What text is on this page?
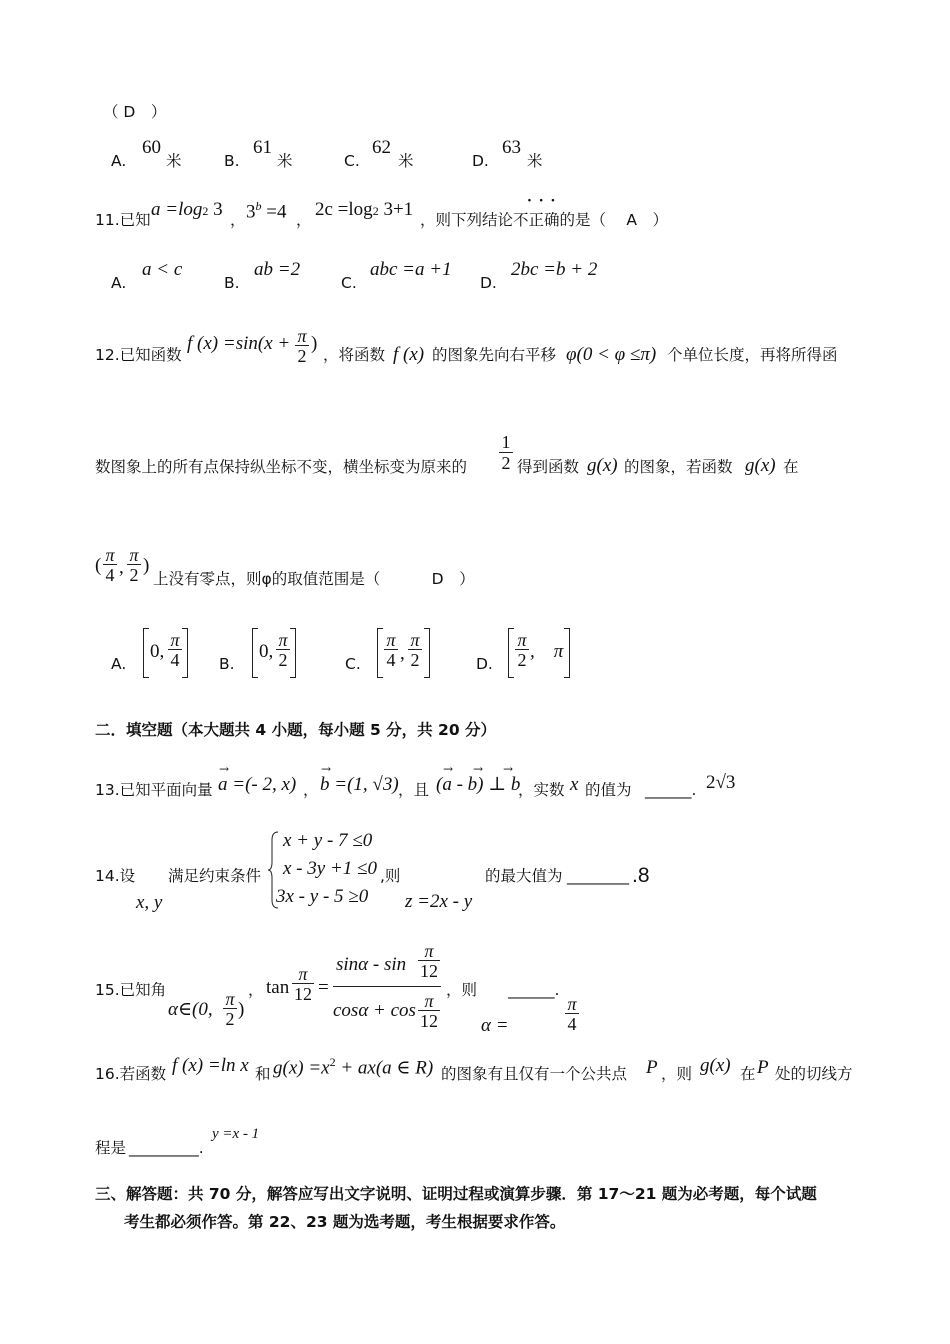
（ D　）
A.
60
米	B.
61
米	C.
62
米	D.
63
米
11.已知 a =log2 3 ， $3^b =4$ ， 2c =log2 3+1 ，则下列结论不正确的是（　 A　）
· · ·
A.
a < c
B.
ab =2
C.
abc =a +1
D.
2bc =b + 2
12.已知函数
f $(x) =\sin(x + \frac{\pi}{2}$ )
，将函数 f (x) 的图象先向右平移 φ(0 < φ ≤π) 个单位长度，再将所得函
数图象上的所有点保持纵坐标不变，横坐标变为原来的 $\frac{1}{2}$ 得到函数 g(x) 的图象，若函数 g(x) 在
( $\frac{\pi}{4}$ , $\frac{\pi}{2}$ )
上没有零点，则φ的取值范围是（　　　 D　）
A.
0, $\frac{\pi}{4} B$.
0, $\frac{\pi}{2}$	C. $\frac{\pi}{4}$ , $\frac{\pi}{2}$	D. $\frac{\pi}{2}$ ,　π
二．填空题（本大题共 4 小题，每小题 5 分，共 20 分）
13.已知平面向量
→
a =(- 2, x) ，
→
b =(1, √3) ，且
→ → →
(a - b) ⊥ b
，实数 x 的值为 ______. 2√3
14.设
x, y
满足约束条件
x + y - 7 ≤0
x - 3y +1 ≤0
3x - y - 5 ≥0
,则
z =2x - y
的最大值为 ________ .8
15.已知角
α∈(0, $\frac{\pi}{2}$ )
， $\tan \frac{\pi}{12}$ =
sinα - $\sin \frac{\pi}{12}$
$\cos\alpha + \cos \frac{\pi}{12}$
，则
α =
______.
$\frac{\pi}{4}$
16.若函数 f (x) =ln x 和 $g(x) =x^2 + ax(a$ ∈ R) 的图象有且仅有一个公共点 P ，则 g(x) 在 P 处的切线方
程是 _________.
y =x - 1
三、解答题：共 70 分，解答应写出文字说明、证明过程或演算步骤．第 17～21 题为必考题，每个试题
考生都必须作答。第 22、23 题为选考题，考生根据要求作答。
